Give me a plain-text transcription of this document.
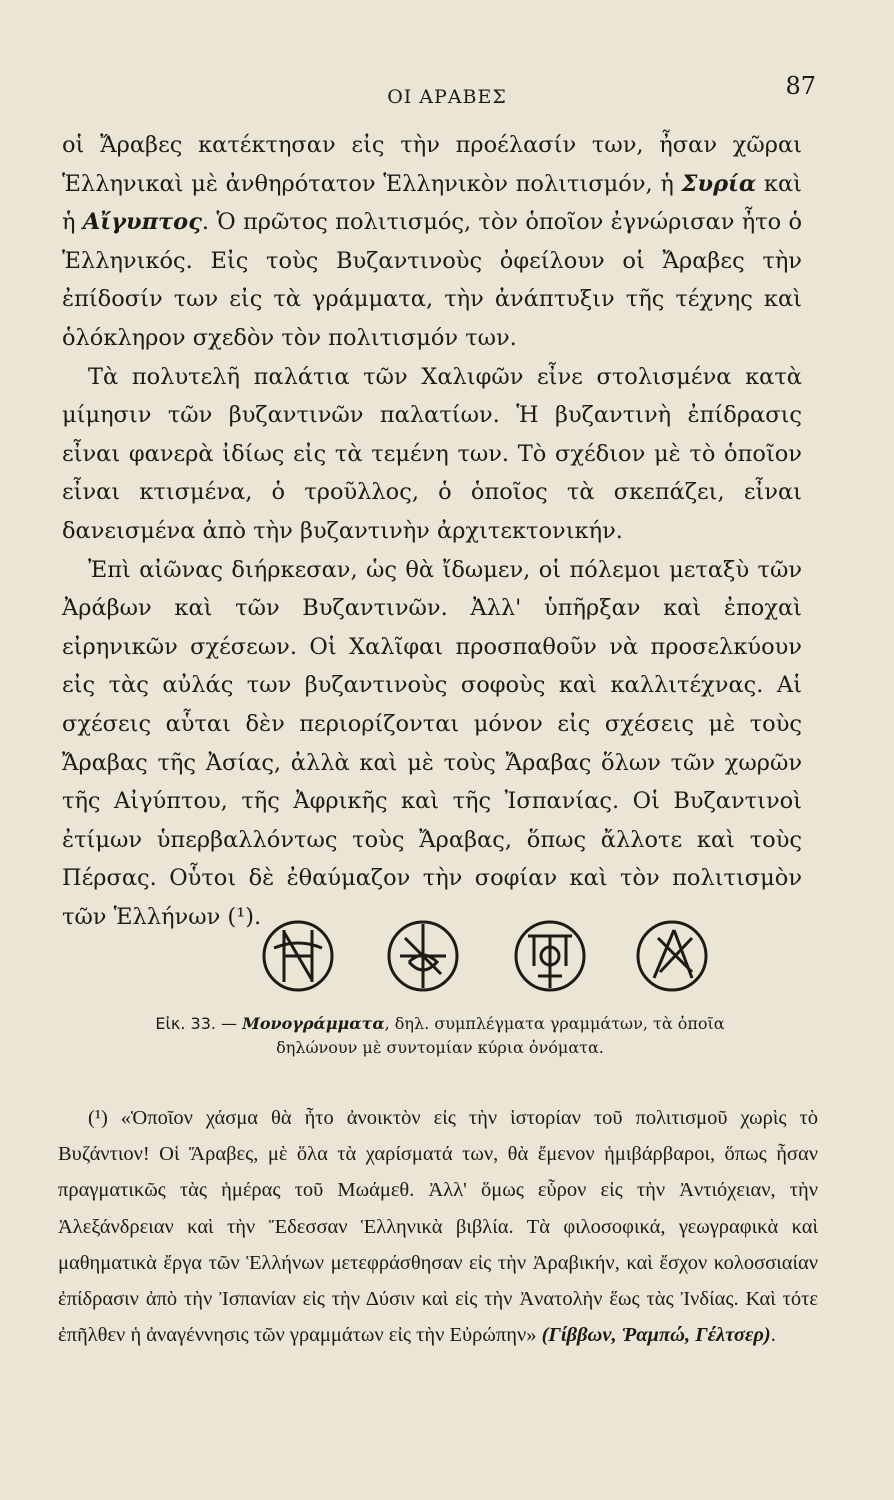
ΟΙ ΑΡΑΒΕΣ	87

οἱ Ἄραβες κατέκτησαν εἰς τὴν προέλασίν των, ἦσαν χῶραι Ἑλληνικαὶ μὲ ἀνθηρότατον Ἑλληνικὸν πολιτισμόν, ἡ Συρία καὶ ἡ Αἴγυπτος. Ὁ πρῶτος πολιτισμός, τὸν ὁποῖον ἐγνώρισαν ἦτο ὁ Ἑλληνικός. Εἰς τοὺς Βυζαντινοὺς ὀφείλουν οἱ Ἄραβες τὴν ἐπίδοσίν των εἰς τὰ γράμματα, τὴν ἀνάπτυξιν τῆς τέχνης καὶ ὁλόκληρον σχεδὸν τὸν πολιτισμόν των.

Τὰ πολυτελῆ παλάτια τῶν Χαλιφῶν εἶνε στολισμένα κατὰ μίμησιν τῶν βυζαντινῶν παλατίων. Ἡ βυζαντινὴ ἐπίδρασις εἶναι φανερὰ ἰδίως εἰς τὰ τεμένη των. Τὸ σχέδιον μὲ τὸ ὁποῖον εἶναι κτισμένα, ὁ τροῦλλος, ὁ ὁποῖος τὰ σκεπάζει, εἶναι δανεισμένα ἀπὸ τὴν βυζαντινὴν ἀρχιτεκτονικήν.

Ἐπὶ αἰῶνας διήρκεσαν, ὡς θὰ ἴδωμεν, οἱ πόλεμοι μεταξὺ τῶν Ἀράβων καὶ τῶν Βυζαντινῶν. Ἀλλ' ὑπῆρξαν καὶ ἐποχαὶ εἰρηνικῶν σχέσεων. Οἱ Χαλῖφαι προσπαθοῦν νὰ προσελκύουν εἰς τὰς αὐλάς των βυζαντινοὺς σοφοὺς καὶ καλλιτέχνας. Αἱ σχέσεις αὗται δὲν περιορίζονται μόνον εἰς σχέσεις μὲ τοὺς Ἄραβας τῆς Ἀσίας, ἀλλὰ καὶ μὲ τοὺς Ἄραβας ὅλων τῶν χωρῶν τῆς Αἰγύπτου, τῆς Ἀφρικῆς καὶ τῆς Ἰσπανίας. Οἱ Βυζαντινοὶ ἐτίμων ὑπερβαλλόντως τοὺς Ἄραβας, ὅπως ἄλλοτε καὶ τοὺς Πέρσας. Οὗτοι δὲ ἐθαύμαζον τὴν σοφίαν καὶ τὸν πολιτισμὸν τῶν Ἑλλήνων (¹).

Εἰκ. 33. — Μονογράμματα, δηλ. συμπλέγματα γραμμάτων, τὰ ὁποῖα δηλώνουν μὲ συντομίαν κύρια ὀνόματα.

(¹) «Ὁποῖον χάσμα θὰ ἦτο ἀνοικτὸν εἰς τὴν ἱστορίαν τοῦ πολιτισμοῦ χωρὶς τὸ Βυζάντιον! Οἱ Ἄραβες, μὲ ὅλα τὰ χαρίσματά των, θὰ ἔμενον ἡμιβάρβαροι, ὅπως ἦσαν πραγματικῶς τὰς ἡμέρας τοῦ Μωάμεθ. Ἀλλ' ὅμως εὗρον εἰς τὴν Ἀντιόχειαν, τὴν Ἀλεξάνδρειαν καὶ τὴν Ἔδεσσαν Ἑλληνικὰ βιβλία. Τὰ φιλοσοφικά, γεωγραφικὰ καὶ μαθηματικὰ ἔργα τῶν Ἑλλήνων μετεφράσθησαν εἰς τὴν Ἀραβικήν, καὶ ἔσχον κολοσσιαίαν ἐπίδρασιν ἀπὸ τὴν Ἰσπανίαν εἰς τὴν Δύσιν καὶ εἰς τὴν Ἀνατολὴν ἕως τὰς Ἰνδίας. Καὶ τότε ἐπῆλθεν ἡ ἀναγέννησις τῶν γραμμάτων εἰς τὴν Εὐρώπην» (Γίββων, Ῥαμπώ, Γέλτσερ).
